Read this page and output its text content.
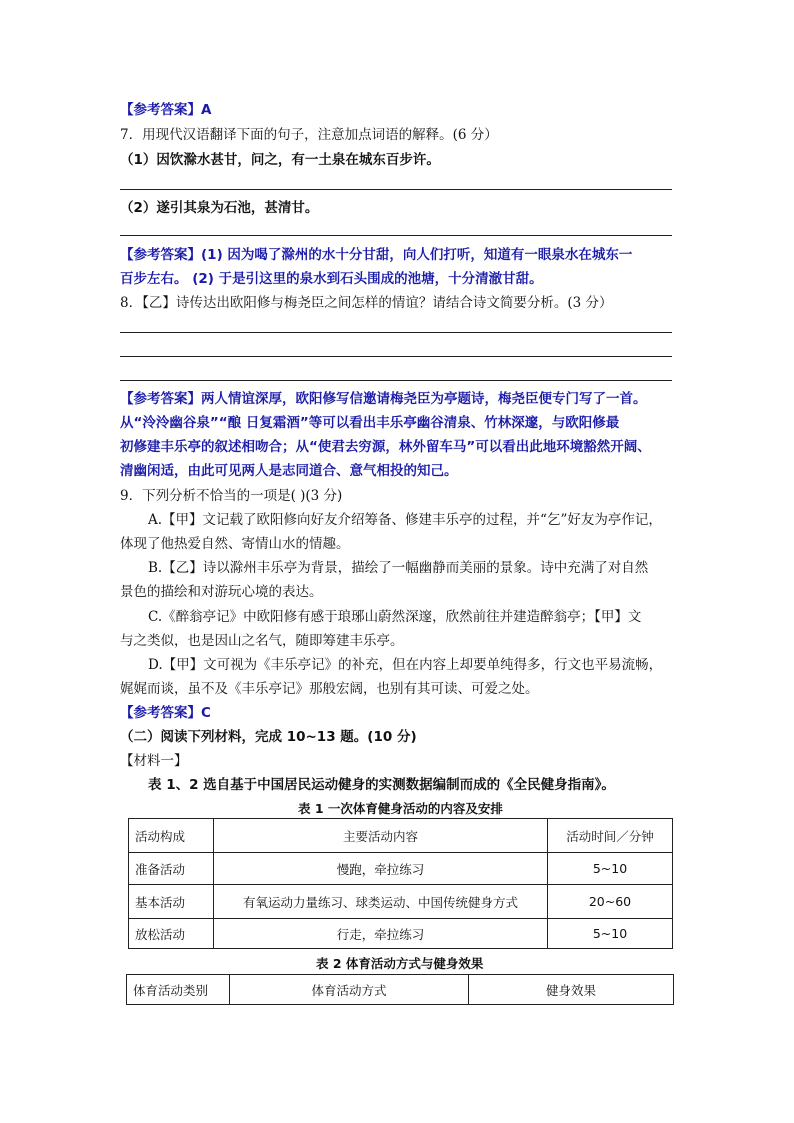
【参考答案】A
7．用现代汉语翻译下面的句子，注意加点词语的解释。(6 分）
（1）因饮滁水甚甘，问之，有一土泉在城东百步许。
（2）遂引其泉为石池，甚清甘。
【参考答案】(1) 因为喝了滁州的水十分甘甜，向人们打听，知道有一眼泉水在城东一
百步左右。 (2) 于是引这里的泉水到石头围成的池塘，十分清澈甘甜。
8．【乙】诗传达出欧阳修与梅尧臣之间怎样的情谊？请结合诗文简要分析。(3 分）
【参考答案】两人情谊深厚，欧阳修写信邀请梅尧臣为亭题诗，梅尧臣便专门写了一首。
从“泠泠幽谷泉”“酿 日复霜酒”等可以看出丰乐亭幽谷清泉、竹林深邃，与欧阳修最
初修建丰乐亭的叙述相吻合；从“使君去穷源，林外留车马”可以看出此地环境豁然开阔、
清幽闲适，由此可见两人是志同道合、意气相投的知己。
9．下列分析不恰当的一项是( )(3 分)
A.【甲】文记载了欧阳修向好友介绍筹备、修建丰乐亭的过程，并“乞”好友为亭作记，
体现了他热爱自然、寄情山水的情趣。
B.【乙】诗以滁州丰乐亭为背景，描绘了一幅幽静而美丽的景象。诗中充满了对自然
景色的描绘和对游玩心境的表达。
C.《醉翁亭记》中欧阳修有感于琅琊山蔚然深邃，欣然前往并建造醉翁亭；【甲】文
与之类似，也是因山之名气，随即筹建丰乐亭。
D.【甲】文可视为《丰乐亭记》的补充，但在内容上却要单纯得多，行文也平易流畅，
娓娓而谈，虽不及《丰乐亭记》那般宏阔，也别有其可读、可爱之处。
【参考答案】C
（二）阅读下列材料，完成 10~13 题。(10 分)
【材料一】
表 1、2 选自基于中国居民运动健身的实测数据编制而成的《全民健身指南》。
表 1 一次体育健身活动的内容及安排
活动构成	主要活动内容	活动时间／分钟
准备活动	慢跑，牵拉练习	5~10
基本活动	有氧运动力量练习、球类运动、中国传统健身方式	20~60
放松活动	行走，牵拉练习	5~10
表 2 体育活动方式与健身效果
体育活动类别	体育活动方式	健身效果
